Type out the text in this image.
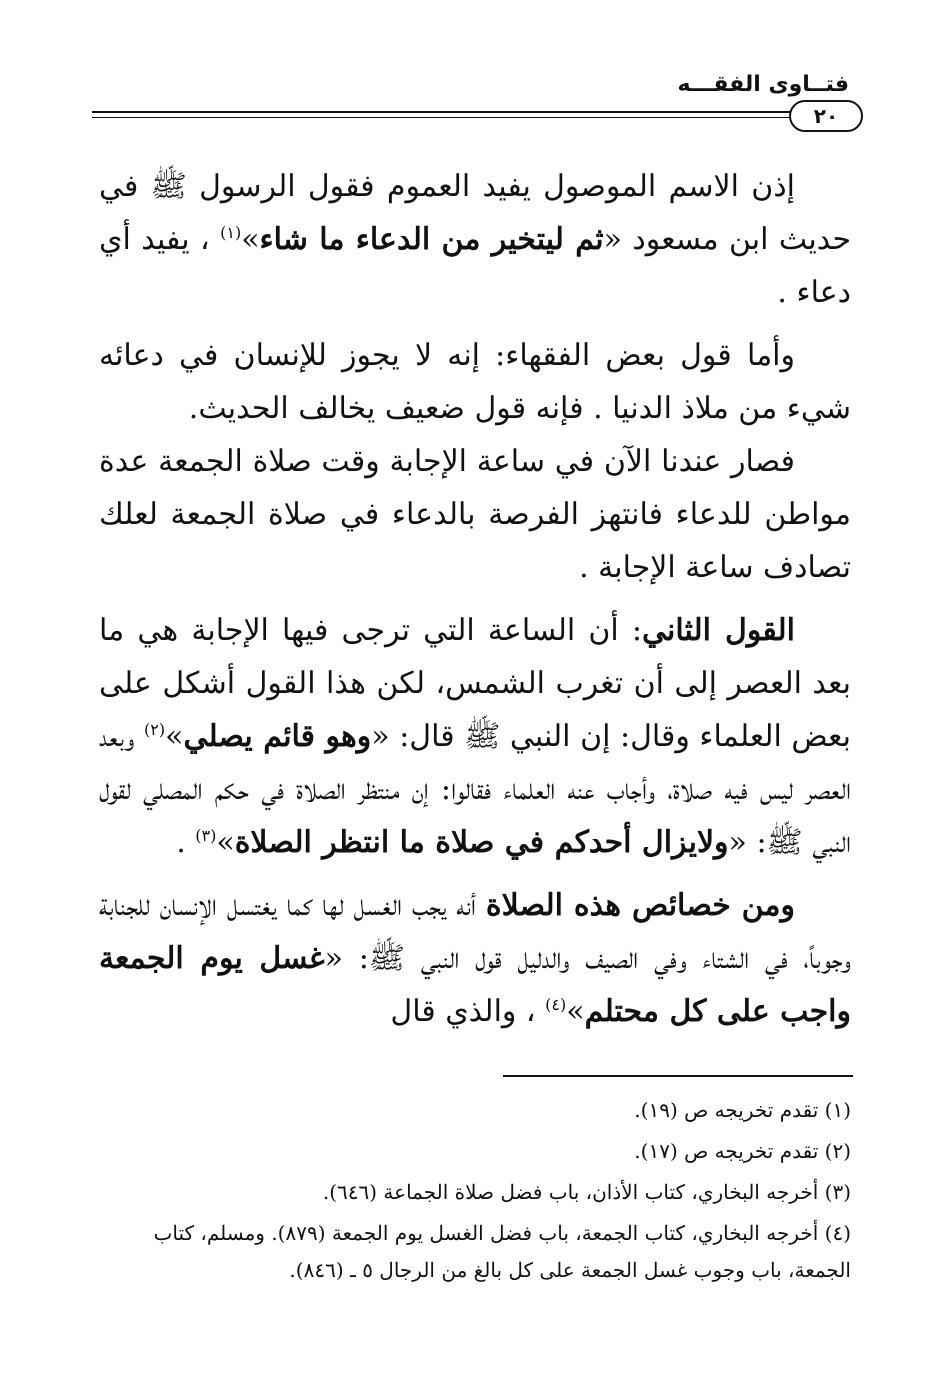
فتــاوى الفقـــه
٢٠

إذن الاسم الموصول يفيد العموم فقول الرسول ﷺ في حديث ابن مسعود «ثم ليتخير من الدعاء ما شاء»$^{(١)}$ ، يفيد أي دعاء .

وأما قول بعض الفقهاء: إنه لا يجوز للإنسان في دعائه شيء من ملاذ الدنيا . فإنه قول ضعيف يخالف الحديث.

فصار عندنا الآن في ساعة الإجابة وقت صلاة الجمعة عدة مواطن للدعاء فانتهز الفرصة بالدعاء في صلاة الجمعة لعلك تصادف ساعة الإجابة .

القول الثاني: أن الساعة التي ترجى فيها الإجابة هي ما بعد العصر إلى أن تغرب الشمس، لكن هذا القول أشكل على بعض العلماء وقال: إن النبي ﷺ قال: «وهو قائم يصلي»$^{(٢)}$ وبعد العصر ليس فيه صلاة، وأجاب عنه العلماء فقالوا: إن منتظر الصلاة في حكم المصلي لقول النبي ﷺ: «ولايزال أحدكم في صلاة ما انتظر الصلاة»$^{(٣)}$ .

ومن خصائص هذه الصلاة أنه يجب الغسل لها كما يغتسل الإنسان للجنابة وجوباً، في الشتاء وفي الصيف والدليل قول النبي ﷺ: «غسل يوم الجمعة واجب على كل محتلم»$^{(٤)}$ ، والذي قال

(١) تقدم تخريجه ص (١٩).

(٢) تقدم تخريجه ص (١٧).

(٣) أخرجه البخاري، كتاب الأذان، باب فضل صلاة الجماعة (٦٤٦).

(٤) أخرجه البخاري، كتاب الجمعة، باب فضل الغسل يوم الجمعة (٨٧٩). ومسلم، كتاب الجمعة، باب وجوب غسل الجمعة على كل بالغ من الرجال ٥ ـ (٨٤٦).
